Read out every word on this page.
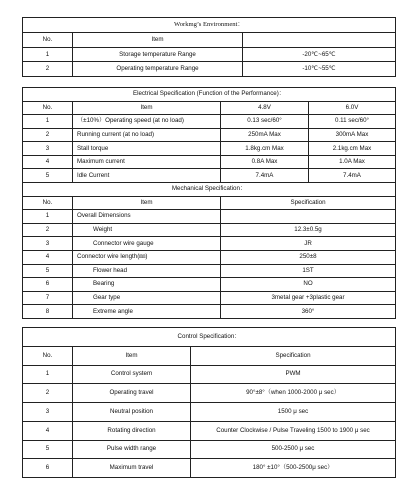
Workmg’s Environment：		
No.	Item	
1	Storage temperature Range	-20℃~65℃
2	Operating temperature Range	-10℃~55℃
Electrical Specification (Function of the Performance)：			
No.	Item	4.8V	6.0V
1	（±10%）Operating speed (at no load)	0.13 sec/60°	0.11 sec/60°
2	Running current (at no load)	250mA Max	300mA Max
3	Stall torque	1.8kg.cm Max	2.1kg.cm Max
4	Maximum current	0.8A Max	1.0A Max
5	Idle Current	7.4mA	7.4mA
Mechanical Specification：			
No.	Item	Specification	
1	Overall Dimensions		
2	Weight	12.3±0.5g	
3	Connector wire gauge	JR	
4	Connector wire length(㎜)	250±8	
5	Flower head	1ST	
6	Bearing	NO	
7	Gear type	3metal gear +3plastic gear	
8	Extreme angle	360°	
Control Specification：		
No.	Item	Specification
1	Control system	PWM
2	Operating travel	90°±8°（when 1000-2000 μ sec）
3	Neutral position	1500 μ sec
4	Rotating direction	Counter Clockwise / Pulse Traveling 1500 to 1900 μ sec
5	Pulse width range	500-2500 μ sec
6	Maximum travel	180° ±10°（500-2500μ sec）
